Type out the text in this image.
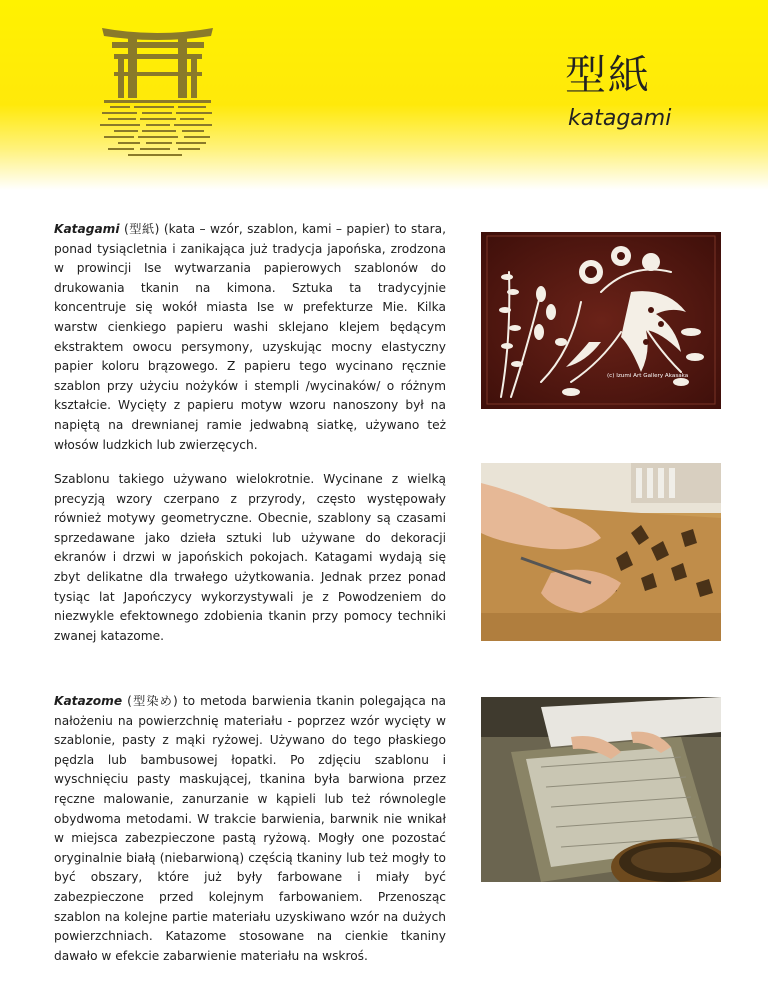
型紙
katagami
Katagami (型紙) (kata – wzór, szablon, kami – papier) to stara, ponad tysiącletnia i zanikająca już tradycja japońska, zrodzona w prowincji Ise wytwarzania papierowych szablonów do drukowania tkanin na kimona. Sztuka ta tradycyjnie koncentruje się wokół miasta Ise w prefekturze Mie. Kilka warstw cienkiego papieru washi sklejano klejem będącym ekstraktem owocu persymony, uzyskując mocny elastyczny papier koloru brązowego. Z papieru tego wycinano ręcznie szablon przy użyciu nożyków i stempli /wycinaków/ o różnym kształcie. Wycięty z papieru motyw wzoru nanoszony był na napiętą na drewnianej ramie jedwabną siatkę, używano też włosów ludzkich lub zwierzęcych.
Szablonu takiego używano wielokrotnie. Wycinane z wielką precyzją wzory czerpano z przyrody, często występowały również motywy geometryczne. Obecnie, szablony są czasami sprzedawane jako dzieła sztuki lub używane do dekoracji ekranów i drzwi w japońskich pokojach. Katagami wydają się zbyt delikatne dla trwałego użytkowania. Jednak przez ponad tysiąc lat Japończycy wykorzystywali je z Powodzeniem do niezwykle efektownego zdobienia tkanin przy pomocy techniki zwanej katazome.
Katazome (型染め) to metoda barwienia tkanin polegająca na nałożeniu na powierzchnię materiału - poprzez wzór wycięty w szablonie, pasty z mąki ryżowej. Używano do tego płaskiego pędzla lub bambusowej łopatki. Po zdjęciu szablonu i wyschnięciu pasty maskującej, tkanina była barwiona przez ręczne malowanie, zanurzanie w kąpieli lub też równolegle obydwoma metodami. W trakcie barwienia, barwnik nie wnikał w miejsca zabezpieczone pastą ryżową. Mogły one pozostać oryginalnie białą (niebarwioną) częścią tkaniny lub też mogły to być obszary, które już były farbowane i miały być zabezpieczone przed kolejnym farbowaniem. Przenosząc szablon na kolejne partie materiału uzyskiwano wzór na dużych powierzchniach. Katazome stosowane na cienkie tkaniny dawało w efekcie zabarwienie materiału na wskroś.
(c) Izumi Art Gallery Akasaka
